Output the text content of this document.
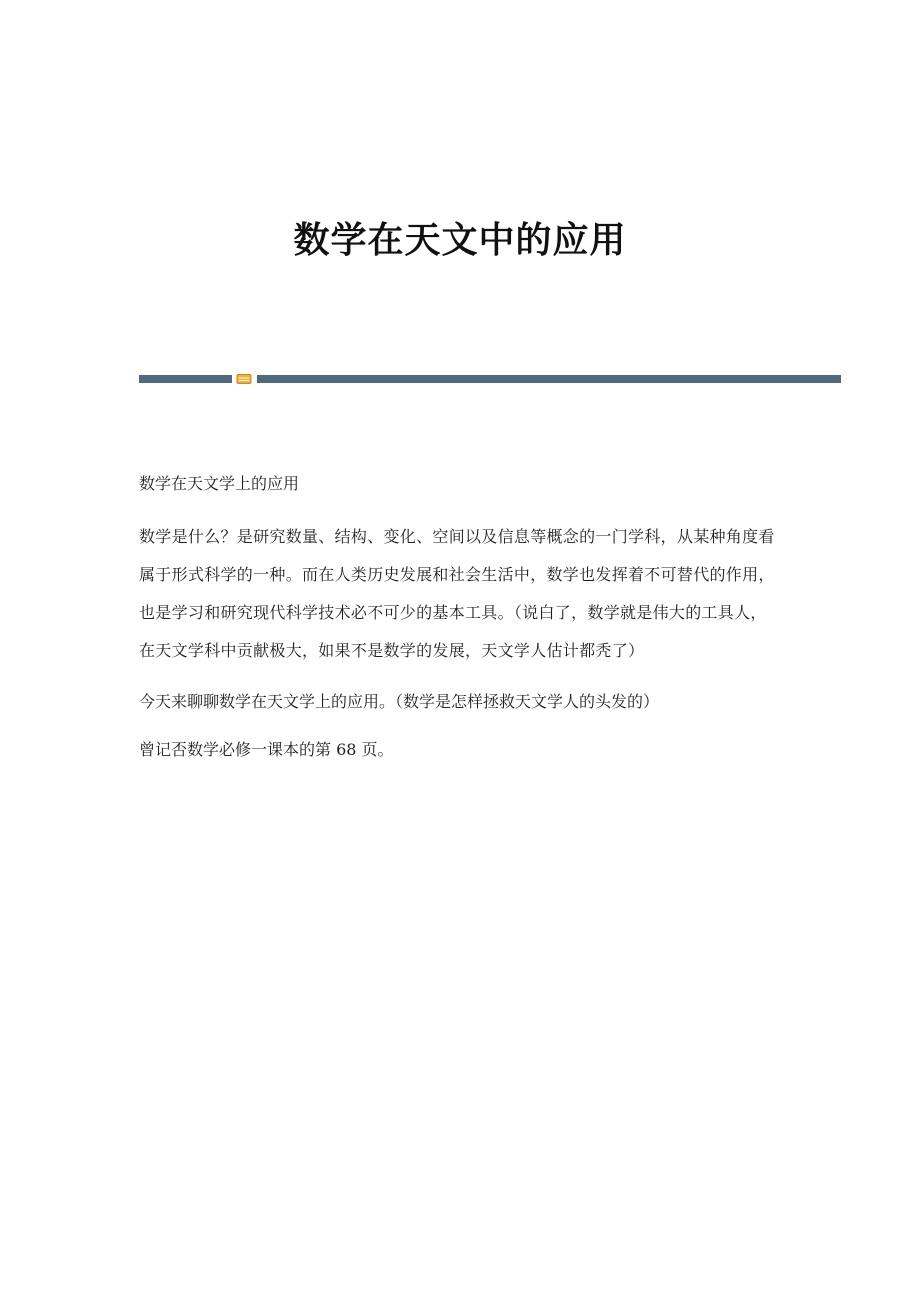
数学在天文中的应用

数学在天文学上的应用

数学是什么？是研究数量、结构、变化、空间以及信息等概念的一门学科，从某种角度看属于形式科学的一种。而在人类历史发展和社会生活中，数学也发挥着不可替代的作用，也是学习和研究现代科学技术必不可少的基本工具。（说白了，数学就是伟大的工具人，在天文学科中贡献极大，如果不是数学的发展，天文学人估计都秃了）

今天来聊聊数学在天文学上的应用。（数学是怎样拯救天文学人的头发的）

曾记否数学必修一课本的第 68 页。
